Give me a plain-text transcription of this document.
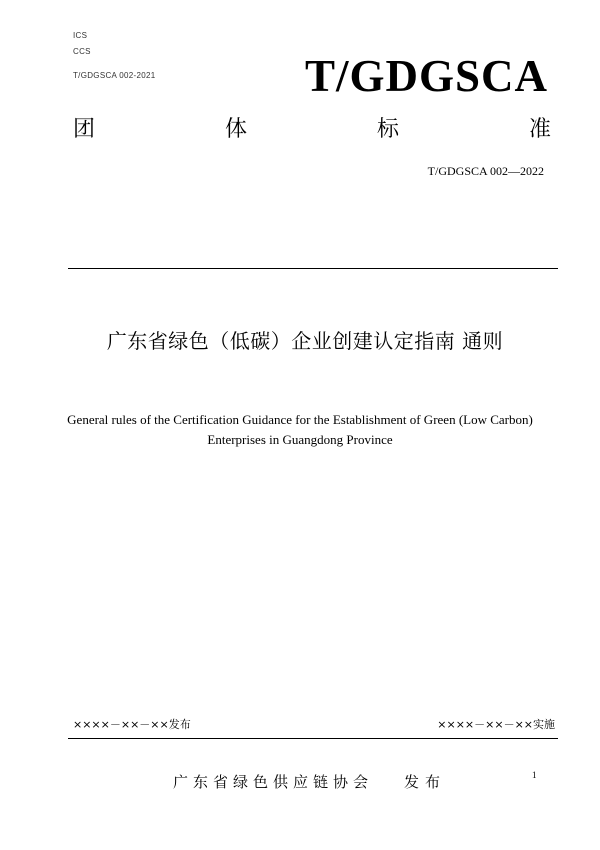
ICS
CCS
T/GDGSCA 002-2021	T/GDGSCA
团	体	标	准
T/GDGSCA 002—2022
广东省绿色（低碳）企业创建认定指南 通则
General rules of the Certification Guidance for the Establishment of Green (Low Carbon) Enterprises in Guangdong Province
××××－××－××发布	××××－××－××实施
广东省绿色供应链协会 发布	1
